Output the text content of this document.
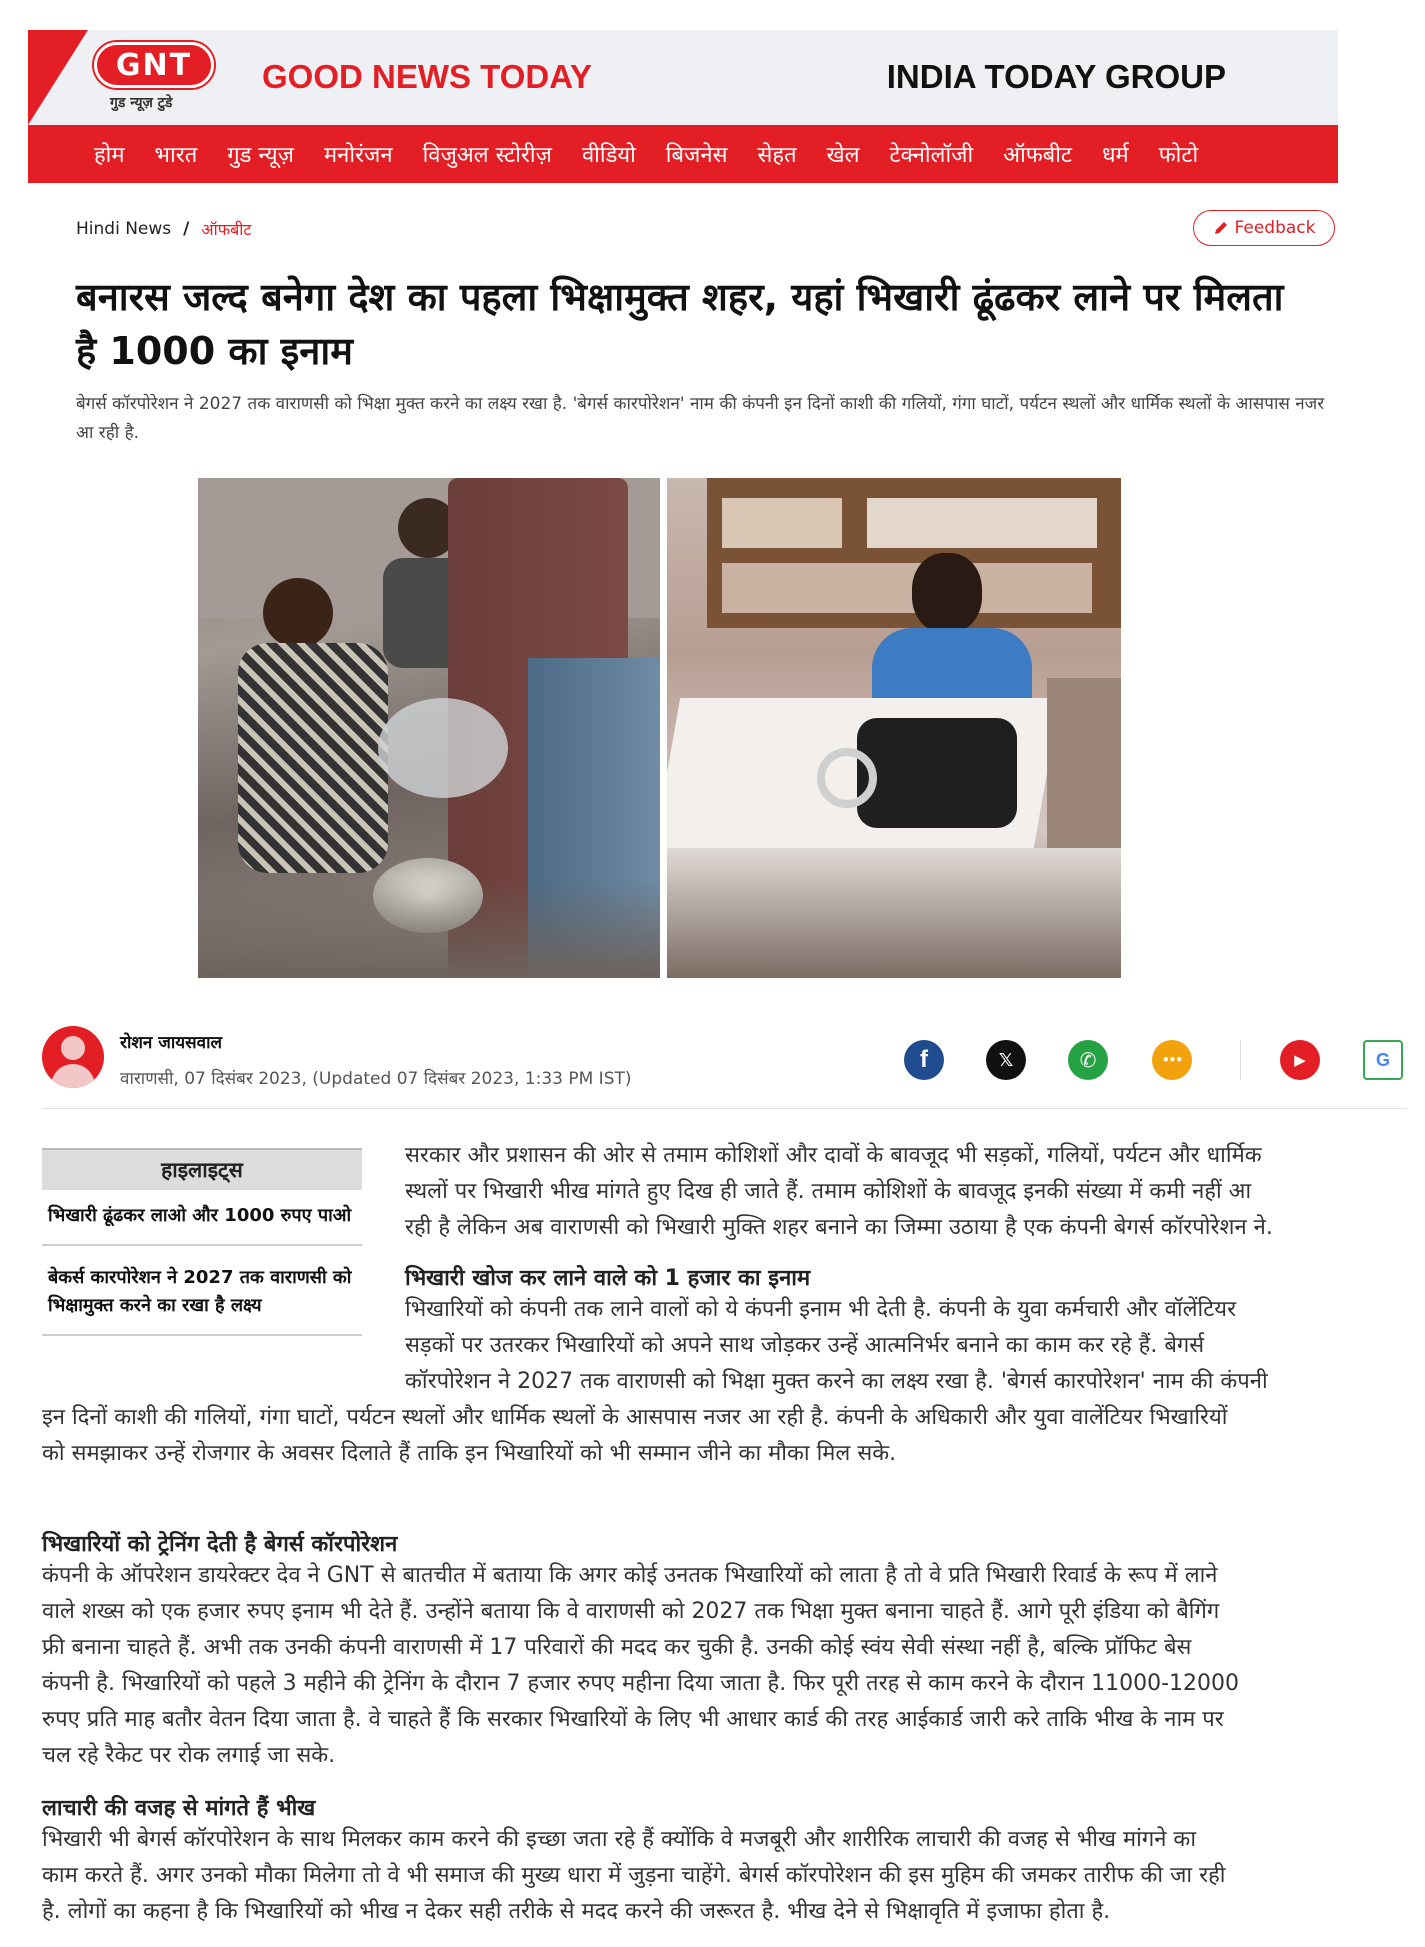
GNT
गुड न्यूज़ टुडे
GOOD NEWS TODAY	INDIA TODAY GROUP
होम भारत गुड न्यूज़ मनोरंजन विजुअल स्टोरीज़ वीडियो बिजनेस सेहत खेल टेक्नोलॉजी ऑफबीट धर्म फोटो
Hindi News / ऑफबीट	Feedback
बनारस जल्द बनेगा देश का पहला भिक्षामुक्त शहर, यहां भिखारी ढूंढकर लाने पर मिलता है 1000 का इनाम

बेगर्स कॉरपोरेशन ने 2027 तक वाराणसी को भिक्षा मुक्त करने का लक्ष्य रखा है. 'बेगर्स कारपोरेशन' नाम की कंपनी इन दिनों काशी की गलियों, गंगा घाटों, पर्यटन स्थलों और धार्मिक स्थलों के आसपास नजर आ रही है.

रोशन जायसवाल
वाराणसी, 07 दिसंबर 2023, (Updated 07 दिसंबर 2023, 1:33 PM IST)
f	𝕏	✆	•••	▶	G
हाइलाइट्स
भिखारी ढूंढकर लाओ और 1000 रुपए पाओ
बेकर्स कारपोरेशन ने 2027 तक वाराणसी को भिक्षामुक्त करने का रखा है लक्ष्य
सरकार और प्रशासन की ओर से तमाम कोशिशों और दावों के बावजूद भी सड़कों, गलियों, पर्यटन और धार्मिक
स्थलों पर भिखारी भीख मांगते हुए दिख ही जाते हैं. तमाम कोशिशों के बावजूद इनकी संख्या में कमी नहीं आ
रही है लेकिन अब वाराणसी को भिखारी मुक्ति शहर बनाने का जिम्मा उठाया है एक कंपनी बेगर्स कॉरपोरेशन ने.
भिखारी खोज कर लाने वाले को 1 हजार का इनाम
भिखारियों को कंपनी तक लाने वालों को ये कंपनी इनाम भी देती है. कंपनी के युवा कर्मचारी और वॉलेंटियर
सड़कों पर उतरकर भिखारियों को अपने साथ जोड़कर उन्हें आत्मनिर्भर बनाने का काम कर रहे हैं. बेगर्स
कॉरपोरेशन ने 2027 तक वाराणसी को भिक्षा मुक्त करने का लक्ष्य रखा है. 'बेगर्स कारपोरेशन' नाम की कंपनी
इन दिनों काशी की गलियों, गंगा घाटों, पर्यटन स्थलों और धार्मिक स्थलों के आसपास नजर आ रही है. कंपनी के अधिकारी और युवा वालेंटियर भिखारियों
को समझाकर उन्हें रोजगार के अवसर दिलाते हैं ताकि इन भिखारियों को भी सम्मान जीने का मौका मिल सके.
भिखारियों को ट्रेनिंग देती है बेगर्स कॉरपोरेशन
कंपनी के ऑपरेशन डायरेक्टर देव ने GNT से बातचीत में बताया कि अगर कोई उनतक भिखारियों को लाता है तो वे प्रति भिखारी रिवार्ड के रूप में लाने
वाले शख्स को एक हजार रुपए इनाम भी देते हैं. उन्होंने बताया कि वे वाराणसी को 2027 तक भिक्षा मुक्त बनाना चाहते हैं. आगे पूरी इंडिया को बैगिंग
फ्री बनाना चाहते हैं. अभी तक उनकी कंपनी वाराणसी में 17 परिवारों की मदद कर चुकी है. उनकी कोई स्वंय सेवी संस्था नहीं है, बल्कि प्रॉफिट बेस
कंपनी है. भिखारियों को पहले 3 महीने की ट्रेनिंग के दौरान 7 हजार रुपए महीना दिया जाता है. फिर पूरी तरह से काम करने के दौरान 11000-12000
रुपए प्रति माह बतौर वेतन दिया जाता है. वे चाहते हैं कि सरकार भिखारियों के लिए भी आधार कार्ड की तरह आईकार्ड जारी करे ताकि भीख के नाम पर
चल रहे रैकेट पर रोक लगाई जा सके.
लाचारी की वजह से मांगते हैं भीख
भिखारी भी बेगर्स कॉरपोरेशन के साथ मिलकर काम करने की इच्छा जता रहे हैं क्योंकि वे मजबूरी और शारीरिक लाचारी की वजह से भीख मांगने का
काम करते हैं. अगर उनको मौका मिलेगा तो वे भी समाज की मुख्य धारा में जुड़ना चाहेंगे. बेगर्स कॉरपोरेशन की इस मुहिम की जमकर तारीफ की जा रही
है. लोगों का कहना है कि भिखारियों को भीख न देकर सही तरीके से मदद करने की जरूरत है. भीख देने से भिक्षावृति में इजाफा होता है.
